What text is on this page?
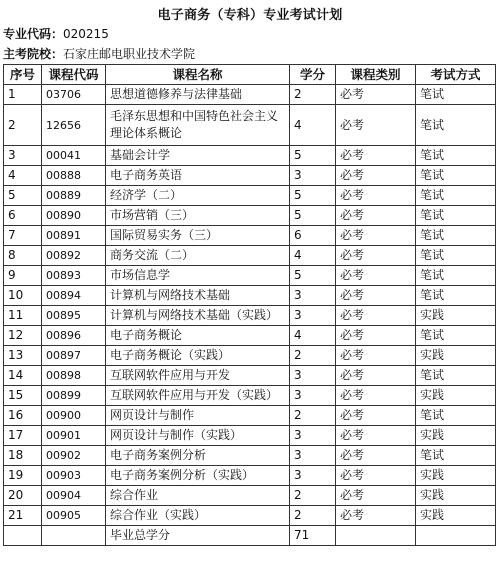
电子商务（专科）专业考试计划
专业代码：020215
主考院校：石家庄邮电职业技术学院
序号	课程代码	课程名称	学分	课程类别	考试方式
1	03706	思想道德修养与法律基础	2	必考	笔试
2	12656	毛泽东思想和中国特色社会主义理论体系概论	4	必考	笔试
3	00041	基础会计学	5	必考	笔试
4	00888	电子商务英语	3	必考	笔试
5	00889	经济学（二）	5	必考	笔试
6	00890	市场营销（三）	5	必考	笔试
7	00891	国际贸易实务（三）	6	必考	笔试
8	00892	商务交流（二）	4	必考	笔试
9	00893	市场信息学	5	必考	笔试
10	00894	计算机与网络技术基础	3	必考	笔试
11	00895	计算机与网络技术基础（实践）	3	必考	实践
12	00896	电子商务概论	4	必考	笔试
13	00897	电子商务概论（实践）	2	必考	实践
14	00898	互联网软件应用与开发	3	必考	笔试
15	00899	互联网软件应用与开发（实践）	3	必考	实践
16	00900	网页设计与制作	2	必考	笔试
17	00901	网页设计与制作（实践）	3	必考	实践
18	00902	电子商务案例分析	3	必考	笔试
19	00903	电子商务案例分析（实践）	3	必考	实践
20	00904	综合作业	2	必考	实践
21	00905	综合作业（实践）	2	必考	实践
		毕业总学分	71		
